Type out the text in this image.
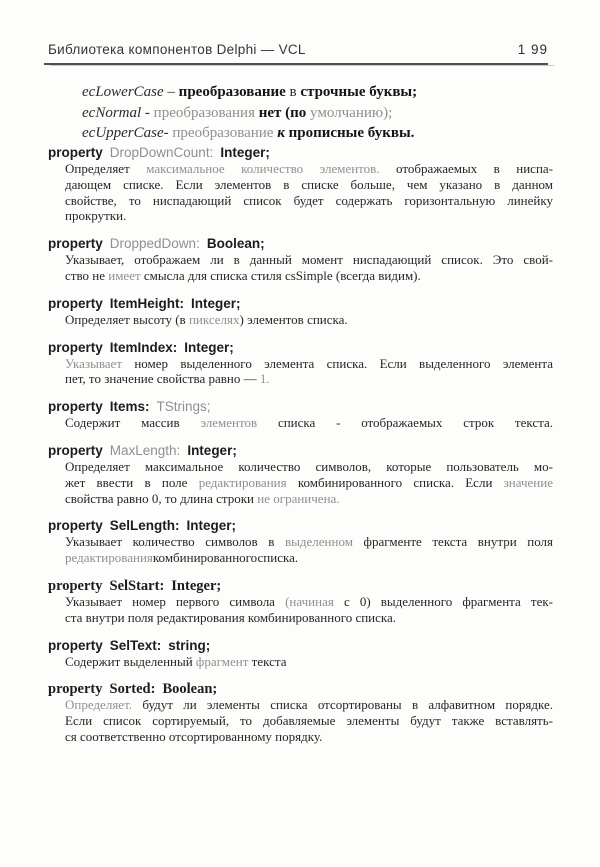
Библиотека компонентов Delphi — VCL	1 99
ecLowerCase – преобразование в строчные буквы;
ecNormal - преобразования нет (по умолчанию);
ecUpperCase- преобразование к прописные буквы.
property DropDownCount: Integer;
Определяет максимальное количество элементов. отображаемых в ниспа-
дающем списке. Если элементов в списке больше, чем указано в данном
свойстве, то ниспадающий список будет содержать горизонтальную линейку
прокрутки.
property DroppedDown: Boolean;
Указывает, отображаем ли в данный момент ниспадающий список. Это свой-
ство не имеет смысла для списка стиля csSimple (всегда видим).
property ItemHeight: Integer;
Определяет высоту (в пикселях) элементов списка.
property ItemIndex: Integer;
Указывает номер выделенного элемента списка. Если выделенного элемента
пет, то значение свойства равно — 1.
property Items: TStrings;
Содержит массив элементов списка - отображаемых строк текста.
property MaxLength: Integer;
Определяет максимальное количество символов, которые пользователь мо-
жет ввести в поле редактирования комбинированного списка. Если значение
свойства равно 0, то длина строки не ограничена.
property SelLength: Integer;
Указывает количество символов в выделенном фрагменте текста внутри поля
редактированиякомбинированногосписка.
property SelStart: Integer;
Указывает номер первого символа (начиная с 0) выделенного фрагмента тек-
ста внутри поля редактирования комбинированного списка.
property SelText: string;
Содержит выделенный фрагмент текста
property Sorted: Boolean;
Определяет. будут ли элементы списка отсортированы в алфавитном порядке.
Если список сортируемый, то добавляемые элементы будут также вставлять-
ся соответственно отсортированному порядку.
